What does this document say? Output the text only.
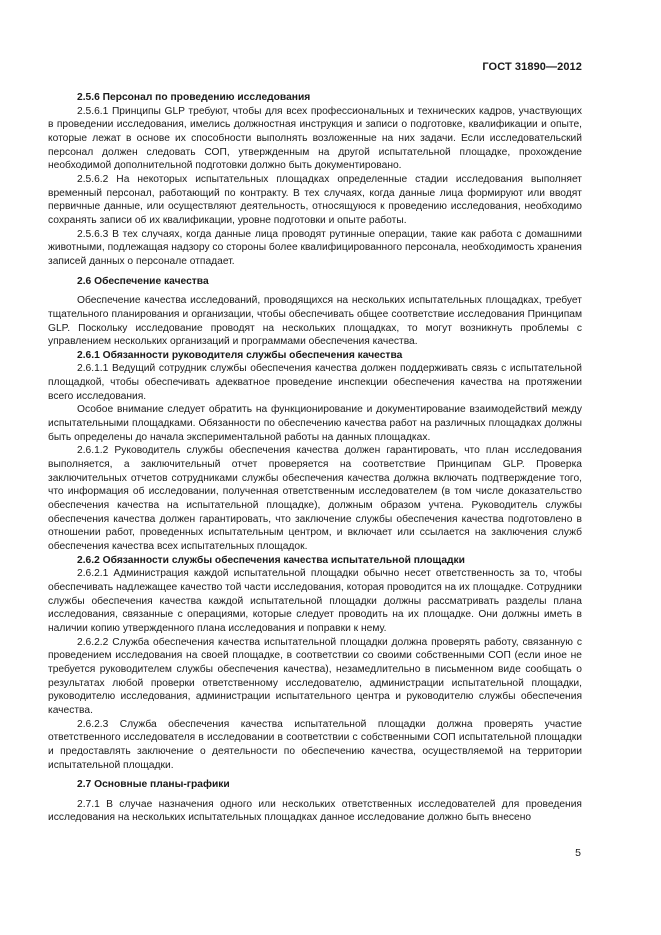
ГОСТ 31890—2012
2.5.6 Персонал по проведению исследования

2.5.6.1 Принципы GLP требуют, чтобы для всех профессиональных и технических кадров, участвующих в проведении исследования, имелись должностная инструкция и записи о подготовке, квалификации и опыте, которые лежат в основе их способности выполнять возложенные на них задачи. Если исследовательский персонал должен следовать СОП, утвержденным на другой испытательной площадке, прохождение необходимой дополнительной подготовки должно быть документировано.

2.5.6.2 На некоторых испытательных площадках определенные стадии исследования выполняет временный персонал, работающий по контракту. В тех случаях, когда данные лица формируют или вводят первичные данные, или осуществляют деятельность, относящуюся к проведению исследования, необходимо сохранять записи об их квалификации, уровне подготовки и опыте работы.

2.5.6.3 В тех случаях, когда данные лица проводят рутинные операции, такие как работа с домашними животными, подлежащая надзору со стороны более квалифицированного персонала, необходимость хранения записей данных о персонале отпадает.

2.6 Обеспечение качества

Обеспечение качества исследований, проводящихся на нескольких испытательных площадках, требует тщательного планирования и организации, чтобы обеспечивать общее соответствие исследования Принципам GLP. Поскольку исследование проводят на нескольких площадках, то могут возникнуть проблемы с управлением нескольких организаций и программами обеспечения качества.

2.6.1 Обязанности руководителя службы обеспечения качества

2.6.1.1 Ведущий сотрудник службы обеспечения качества должен поддерживать связь с испытательной площадкой, чтобы обеспечивать адекватное проведение инспекции обеспечения качества на протяжении всего исследования.

Особое внимание следует обратить на функционирование и документирование взаимодействий между испытательными площадками. Обязанности по обеспечению качества работ на различных площадках должны быть определены до начала экспериментальной работы на данных площадках.

2.6.1.2 Руководитель службы обеспечения качества должен гарантировать, что план исследования выполняется, а заключительный отчет проверяется на соответствие Принципам GLP. Проверка заключительных отчетов сотрудниками службы обеспечения качества должна включать подтверждение того, что информация об исследовании, полученная ответственным исследователем (в том числе доказательство обеспечения качества на испытательной площадке), должным образом учтена. Руководитель службы обеспечения качества должен гарантировать, что заключение службы обеспечения качества подготовлено в отношении работ, проведенных испытательным центром, и включает или ссылается на заключения служб обеспечения качества всех испытательных площадок.

2.6.2 Обязанности службы обеспечения качества испытательной площадки

2.6.2.1 Администрация каждой испытательной площадки обычно несет ответственность за то, чтобы обеспечивать надлежащее качество той части исследования, которая проводится на их площадке. Сотрудники службы обеспечения качества каждой испытательной площадки должны рассматривать разделы плана исследования, связанные с операциями, которые следует проводить на их площадке. Они должны иметь в наличии копию утвержденного плана исследования и поправки к нему.

2.6.2.2 Служба обеспечения качества испытательной площадки должна проверять работу, связанную с проведением исследования на своей площадке, в соответствии со своими собственными СОП (если иное не требуется руководителем службы обеспечения качества), незамедлительно в письменном виде сообщать о результатах любой проверки ответственному исследователю, администрации испытательной площадки, руководителю исследования, администрации испытательного центра и руководителю службы обеспечения качества.

2.6.2.3 Служба обеспечения качества испытательной площадки должна проверять участие ответственного исследователя в исследовании в соответствии с собственными СОП испытательной площадки и предоставлять заключение о деятельности по обеспечению качества, осуществляемой на территории испытательной площадки.

2.7 Основные планы-графики

2.7.1 В случае назначения одного или нескольких ответственных исследователей для проведения исследования на нескольких испытательных площадках данное исследование должно быть внесено

5
